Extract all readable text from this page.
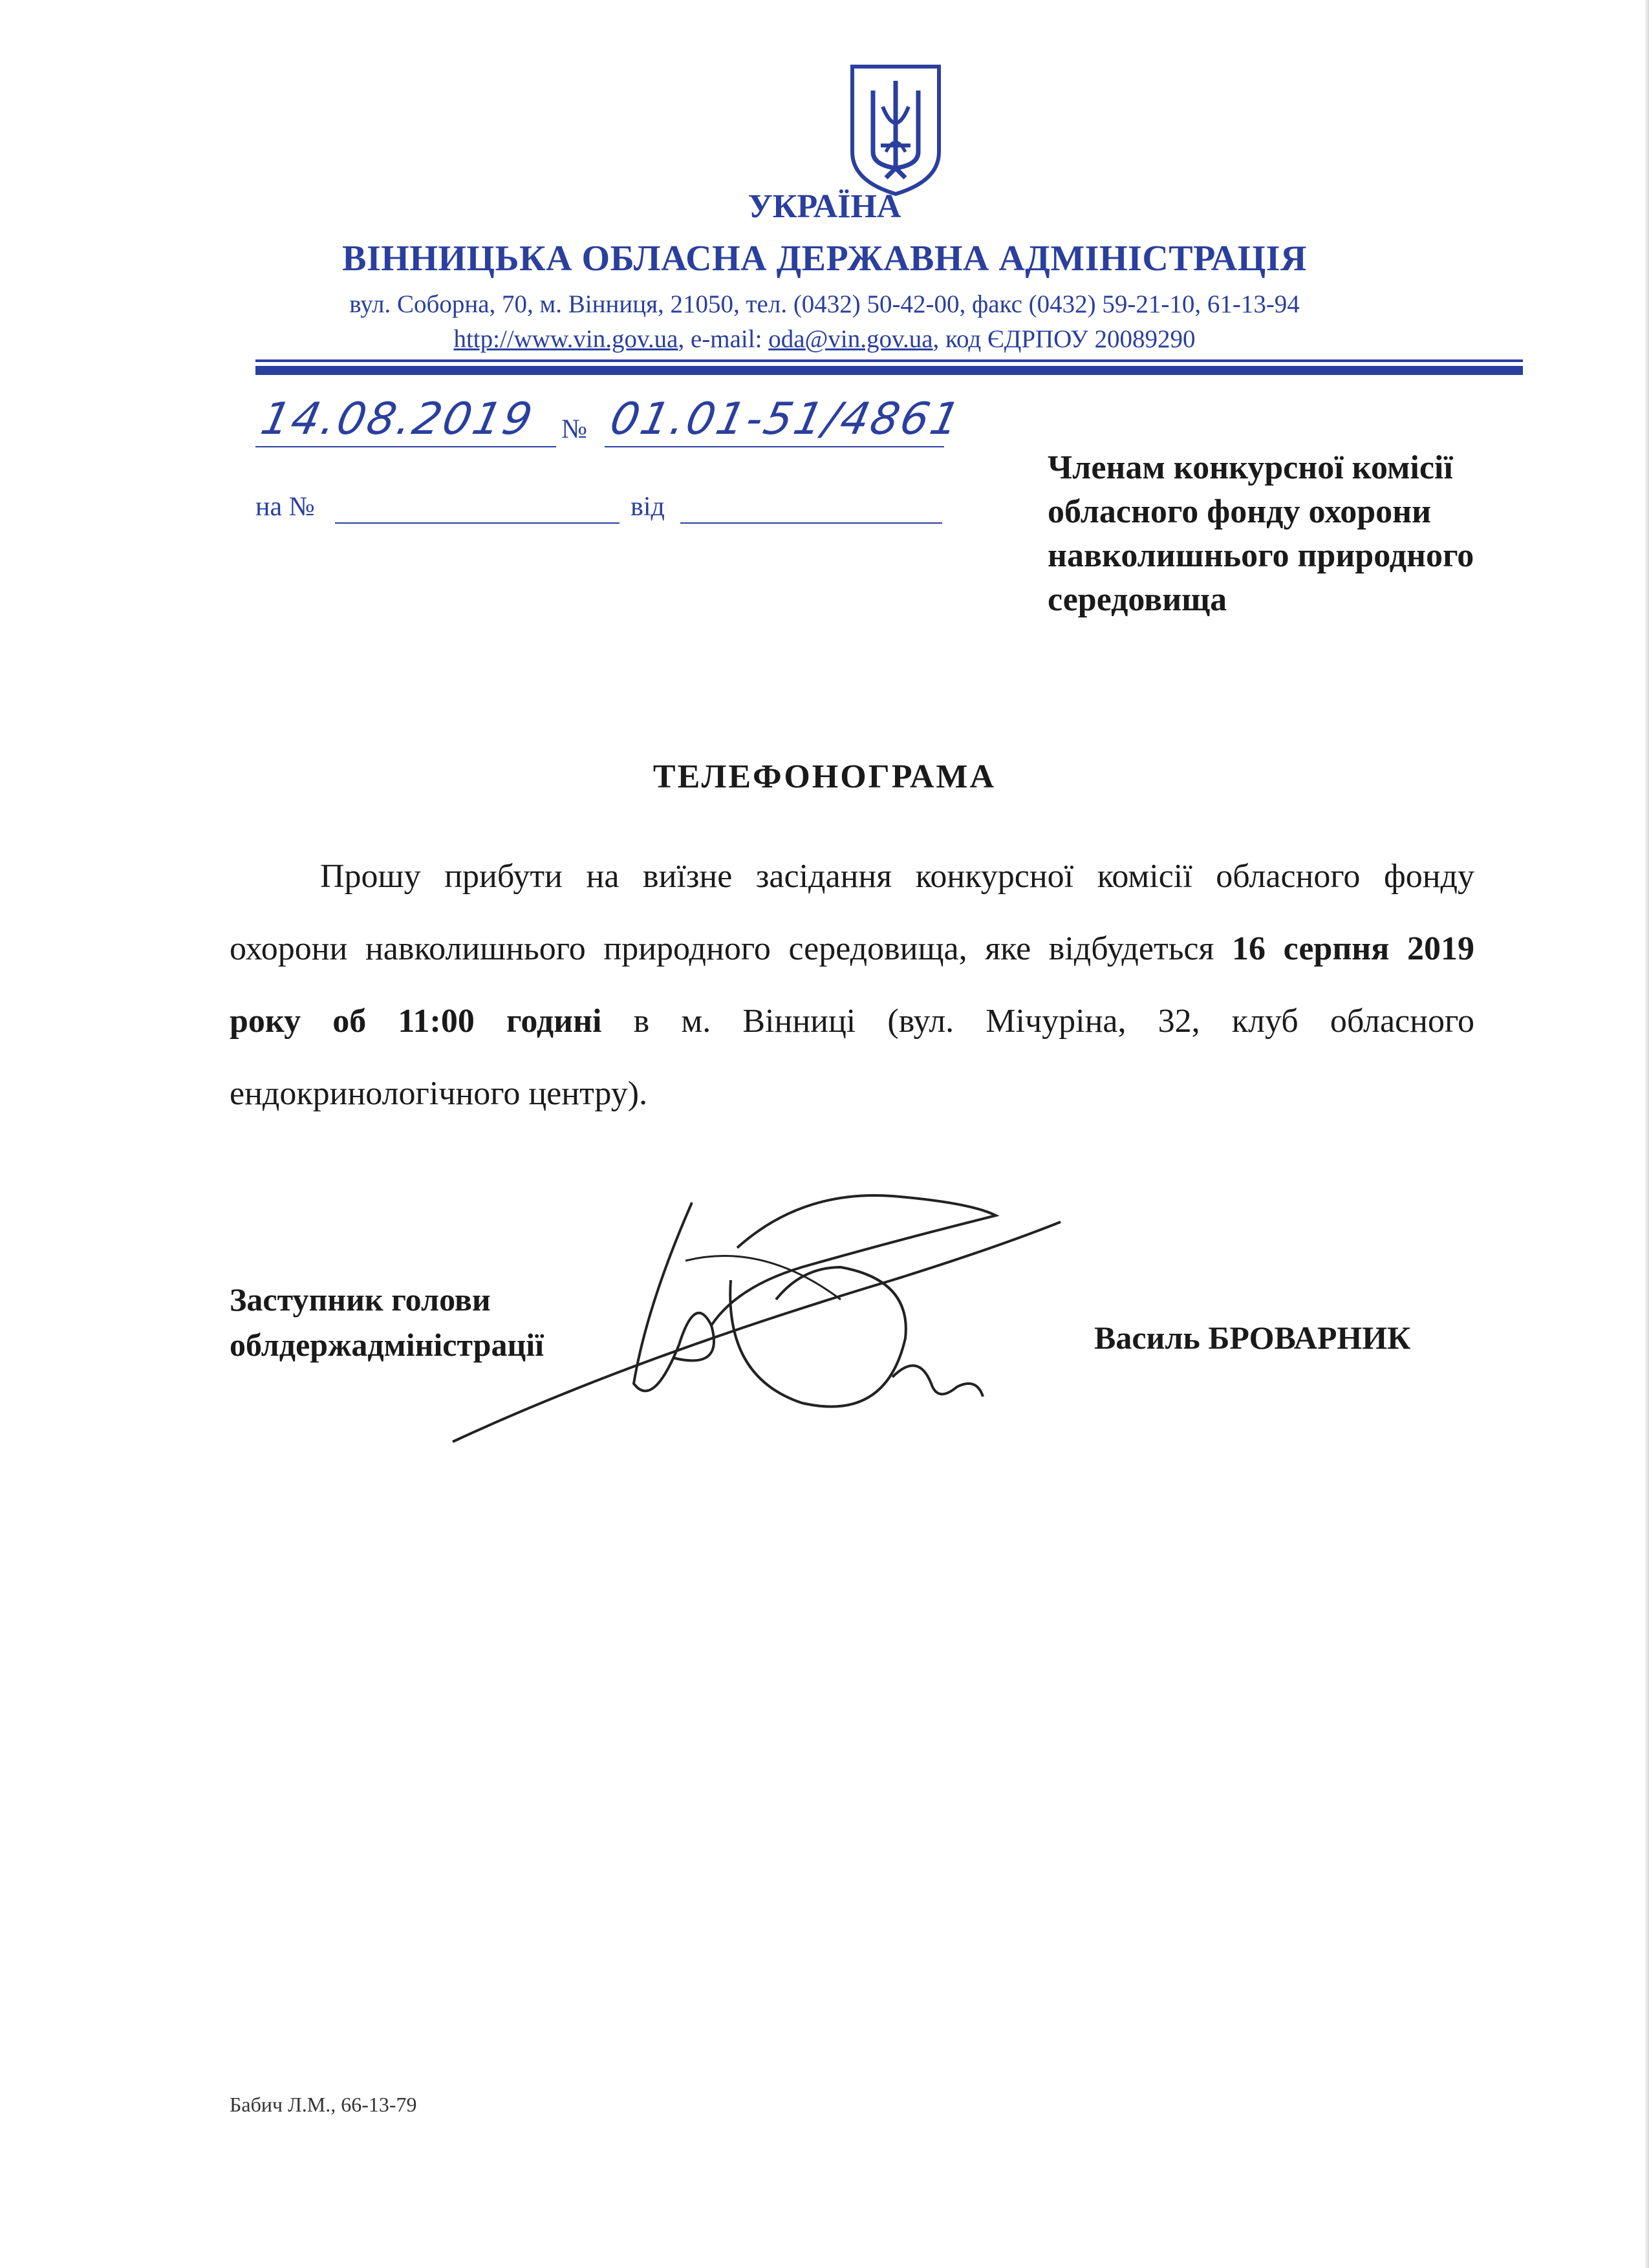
УКРАЇНА
ВІННИЦЬКА ОБЛАСНА ДЕРЖАВНА АДМІНІСТРАЦІЯ
вул. Соборна, 70, м. Вінниця, 21050, тел. (0432) 50-42-00, факс (0432) 59-21-10, 61-13-94
http://www.vin.gov.ua, e-mail: oda@vin.gov.ua, код ЄДРПОУ 20089290
14.08.2019 № 01.01-51/4861
на №	від
Членам конкурсної комісії обласного фонду охорони навколишнього природного середовища
ТЕЛЕФОНОГРАМА
Прошу прибути на виїзне засідання конкурсної комісії обласного фонду охорони навколишнього природного середовища, яке відбудеться 16 серпня 2019 року об 11:00 годині в м. Вінниці (вул. Мічуріна, 32, клуб обласного ендокринологічного центру).
Заступник голови
облдержадміністрації	Василь БРОВАРНИК
Бабич Л.М., 66-13-79
